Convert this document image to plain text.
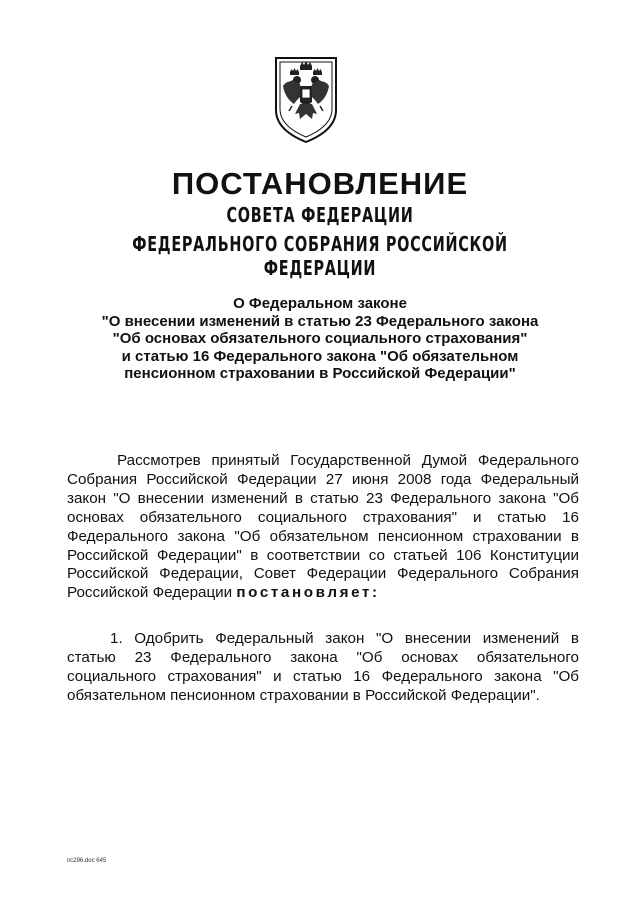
ПОСТАНОВЛЕНИЕ
СОВЕТА ФЕДЕРАЦИИ
ФЕДЕРАЛЬНОГО СОБРАНИЯ РОССИЙСКОЙ ФЕДЕРАЦИИ
О Федеральном законе
"О внесении изменений в статью 23 Федерального закона
"Об основах обязательного социального страхования"
и статью 16 Федерального закона "Об обязательном
пенсионном страховании в Российской Федерации"
Рассмотрев принятый Государственной Думой Федерального Собрания Российской Федерации 27 июня 2008 года Федеральный закон "О внесении изменений в статью 23 Федерального закона "Об основах обязательного социального страхования" и статью 16 Федерального закона "Об обязательном пенсионном страховании в Российской Федерации" в соответствии со статьей 106 Конституции Российской Федерации, Совет Федерации Федерального Собрания Российской Федерации постановляет:
1. Одобрить Федеральный закон "О внесении изменений в статью 23 Федерального закона "Об основах обязательного социального страхования" и статью 16 Федерального закона "Об обязательном пенсионном страховании в Российской Федерации".
пс296.doc 645
